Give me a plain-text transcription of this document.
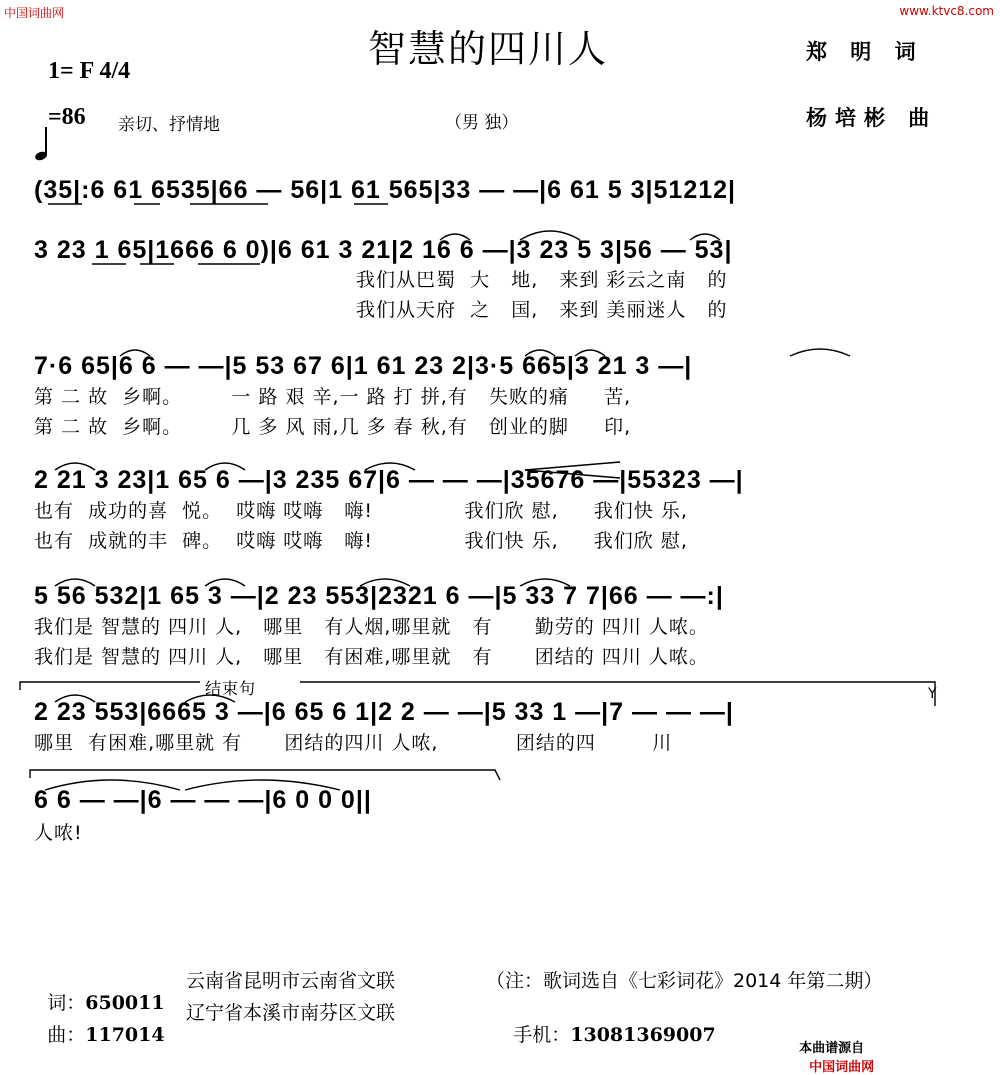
中国词曲网	www.ktvc8.com
智慧的四川人	郑 明 词
1= F 4/4

=86 亲切、抒情地	（男 独）	杨培彬 曲
(35|:6 61 6535|66 — 56|1 61 565|33 — —|6 61 5 3|51212|
3 23 1 65|1666 6 0)|6 61 3 21|2 16 6 —|3 23 5 3|56 — 53|
我们从巴蜀  大   地,   来到 彩云之南   的
我们从天府  之   国,   来到 美丽迷人   的
7·6 65|6 6 — —|5 53 67 6|1 61 23 2|3·5 665|3 21 3 —|
第 二 故  乡啊。       一 路 艰 辛,一 路 打 拼,有   失败的痛     苦,
第 二 故  乡啊。       几 多 风 雨,几 多 春 秋,有   创业的脚     印,
2 21 3 23|1 65 6 —|3 235 67|6 — — —|35676 —|55323 —|
也有  成功的喜  悦。  哎嗨 哎嗨   嗨!             我们欣 慰,     我们快 乐,
也有  成就的丰  碑。  哎嗨 哎嗨   嗨!             我们快 乐,     我们欣 慰,
5 56 532|1 65 3 —|2 23 553|2321 6 —|5 33 7 7|66 — —:|
我们是 智慧的 四川 人,   哪里   有人烟,哪里就   有      勤劳的 四川 人哝。
我们是 智慧的 四川 人,   哪里   有困难,哪里就   有      团结的 四川 人哝。
结束句	Y
2 23 553|6665 3 —|6 65 6 1|2 2 — —|5 33 1 —|7 — — —|
哪里  有困难,哪里就 有      团结的四川 人哝,           团结的四        川
6 6 — —|6 — — —|6 0 0 0||
人哝!

词：650011

云南省昆明市云南省文联	（注：歌词选自《七彩词花》2014 年第二期）

曲：117014

辽宁省本溪市南芬区文联

手机：13081369007

本曲谱源自
中国词曲网
